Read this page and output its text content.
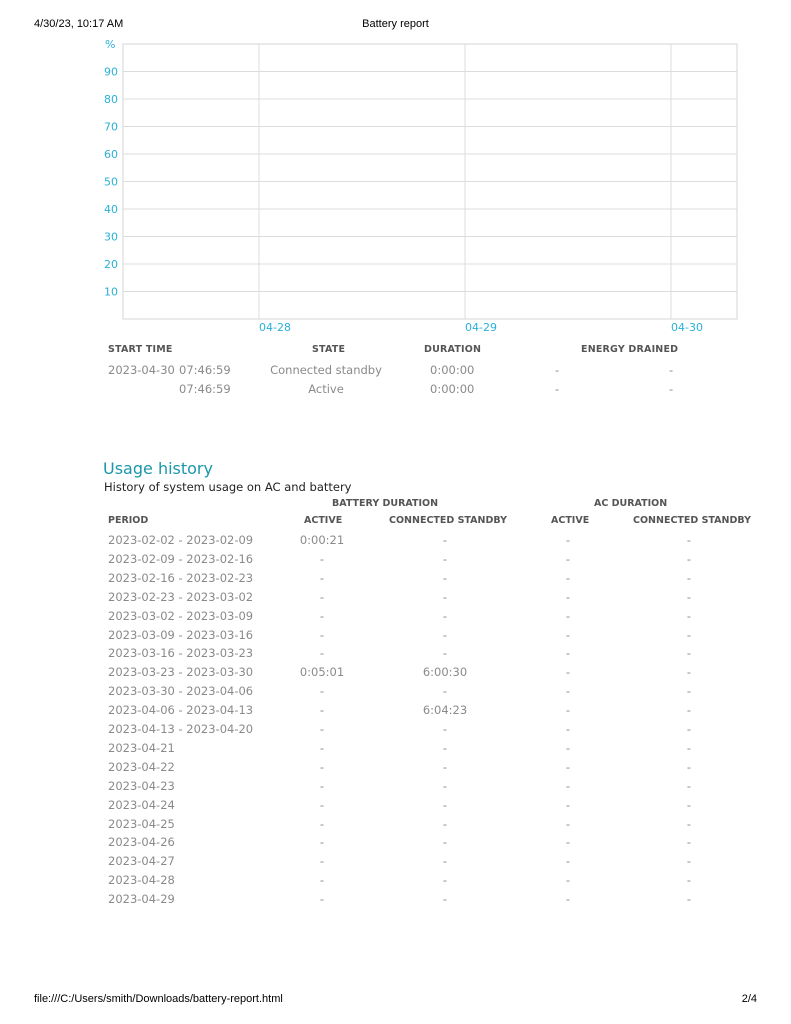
4/30/23, 10:17 AM	Battery report
%
90
80
70
60
50
40
30
20
10
04-28	04-29	04-30
START TIME	STATE	DURATION	ENERGY DRAINED
2023-04-30 07:46:59	Connected standby	0:00:00	-	-
07:46:59	Active	0:00:00	-	-
Usage history
History of system usage on AC and battery
BATTERY DURATION	AC DURATION
PERIOD	ACTIVE	CONNECTED STANDBY	ACTIVE	CONNECTED STANDBY
2023-02-02 - 2023-02-09	0:00:21	-	-	-
2023-02-09 - 2023-02-16	-	-	-	-
2023-02-16 - 2023-02-23	-	-	-	-
2023-02-23 - 2023-03-02	-	-	-	-
2023-03-02 - 2023-03-09	-	-	-	-
2023-03-09 - 2023-03-16	-	-	-	-
2023-03-16 - 2023-03-23	-	-	-	-
2023-03-23 - 2023-03-30	0:05:01	6:00:30	-	-
2023-03-30 - 2023-04-06	-	-	-	-
2023-04-06 - 2023-04-13	-	6:04:23	-	-
2023-04-13 - 2023-04-20	-	-	-	-
2023-04-21	-	-	-	-
2023-04-22	-	-	-	-
2023-04-23	-	-	-	-
2023-04-24	-	-	-	-
2023-04-25	-	-	-	-
2023-04-26	-	-	-	-
2023-04-27	-	-	-	-
2023-04-28	-	-	-	-
2023-04-29	-	-	-	-
file:///C:/Users/smith/Downloads/battery-report.html	2/4
